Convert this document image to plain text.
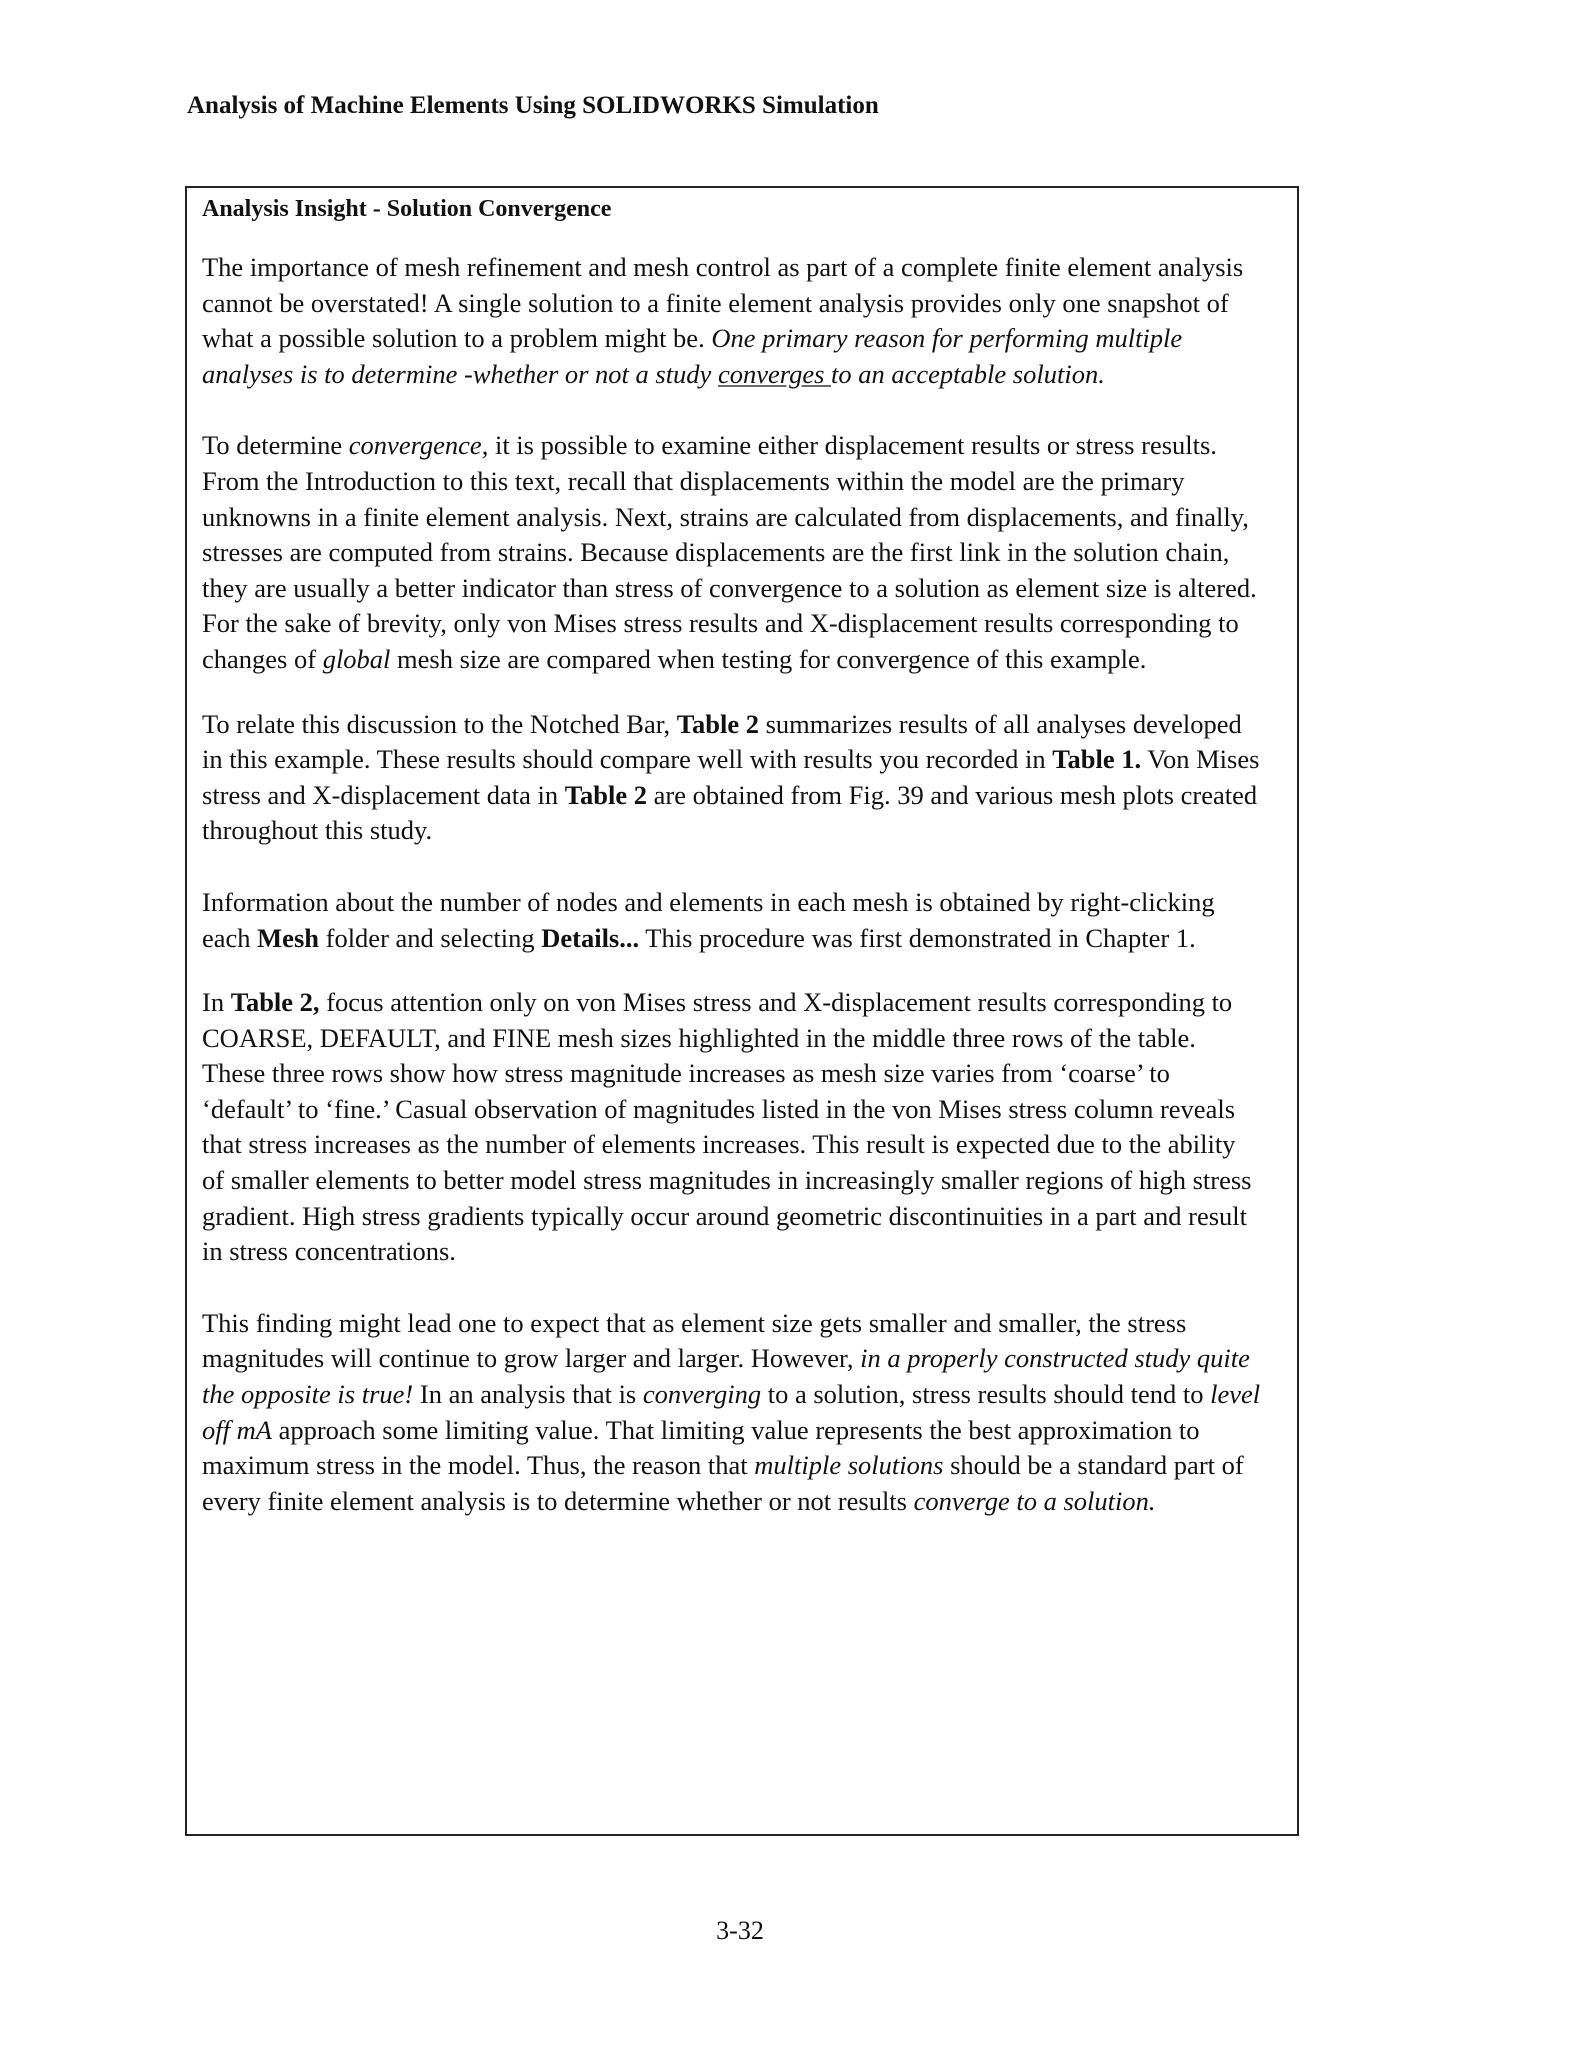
Analysis of Machine Elements Using SOLIDWORKS Simulation
Analysis Insight - Solution Convergence

The importance of mesh refinement and mesh control as part of a complete finite element analysis cannot be overstated! A single solution to a finite element analysis provides only one snapshot of what a possible solution to a problem might be. One primary reason for performing multiple analyses is to determine -whether or not a study converges to an acceptable solution.

To determine convergence, it is possible to examine either displacement results or stress results. From the Introduction to this text, recall that displacements within the model are the primary unknowns in a finite element analysis. Next, strains are calculated from displacements, and finally, stresses are computed from strains. Because displacements are the first link in the solution chain, they are usually a better indicator than stress of convergence to a solution as element size is altered. For the sake of brevity, only von Mises stress results and X-displacement results corresponding to changes of global mesh size are compared when testing for convergence of this example.

To relate this discussion to the Notched Bar, Table 2 summarizes results of all analyses developed in this example. These results should compare well with results you recorded in Table 1. Von Mises stress and X-displacement data in Table 2 are obtained from Fig. 39 and various mesh plots created throughout this study.

Information about the number of nodes and elements in each mesh is obtained by right-clicking each Mesh folder and selecting Details... This procedure was first demonstrated in Chapter 1.

In Table 2, focus attention only on von Mises stress and X-displacement results corresponding to COARSE, DEFAULT, and FINE mesh sizes highlighted in the middle three rows of the table. These three rows show how stress magnitude increases as mesh size varies from ‘coarse’ to ‘default’ to ‘fine.’ Casual observation of magnitudes listed in the von Mises stress column reveals that stress increases as the number of elements increases. This result is expected due to the ability of smaller elements to better model stress magnitudes in increasingly smaller regions of high stress gradient. High stress gradients typically occur around geometric discontinuities in a part and result in stress concentrations.

This finding might lead one to expect that as element size gets smaller and smaller, the stress magnitudes will continue to grow larger and larger. However, in a properly constructed study quite the opposite is true! In an analysis that is converging to a solution, stress results should tend to level off mA approach some limiting value. That limiting value represents the best approximation to maximum stress in the model. Thus, the reason that multiple solutions should be a standard part of every finite element analysis is to determine whether or not results converge to a solution.

3-32
